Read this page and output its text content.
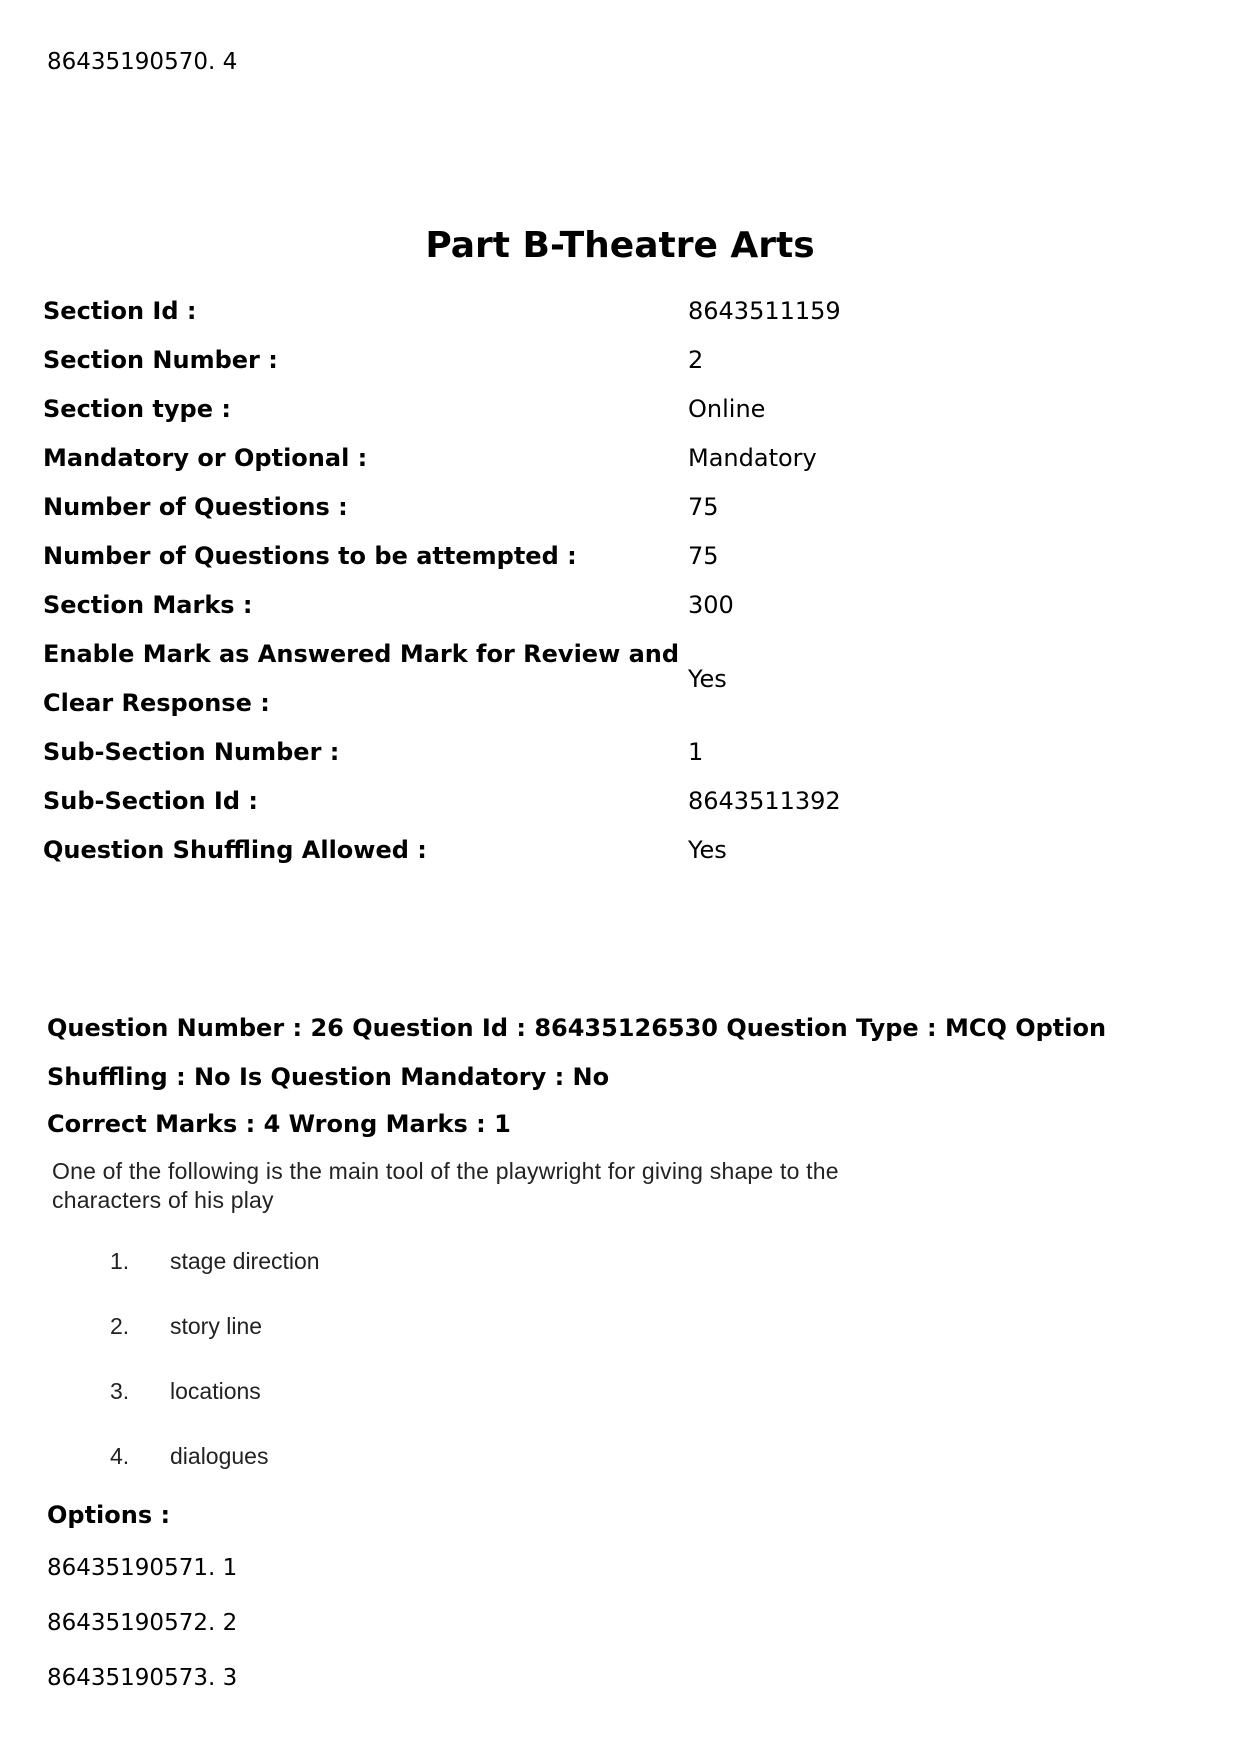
86435190570. 4
Part B-Theatre Arts
Section Id :	8643511159
Section Number :	2
Section type :	Online
Mandatory or Optional :	Mandatory
Number of Questions :	75
Number of Questions to be attempted :	75
Section Marks :	300
Enable Mark as Answered Mark for Review and Clear Response :
Yes
Sub-Section Number :	1
Sub-Section Id :	8643511392
Question Shuffling Allowed :	Yes
Question Number : 26 Question Id : 86435126530 Question Type : MCQ Option Shuffling : No Is Question Mandatory : No
Correct Marks : 4 Wrong Marks : 1
One of the following is the main tool of the playwright for giving shape to the characters of his play
1.	stage direction
2.	story line
3.	locations
4.	dialogues
Options :
86435190571. 1
86435190572. 2
86435190573. 3
